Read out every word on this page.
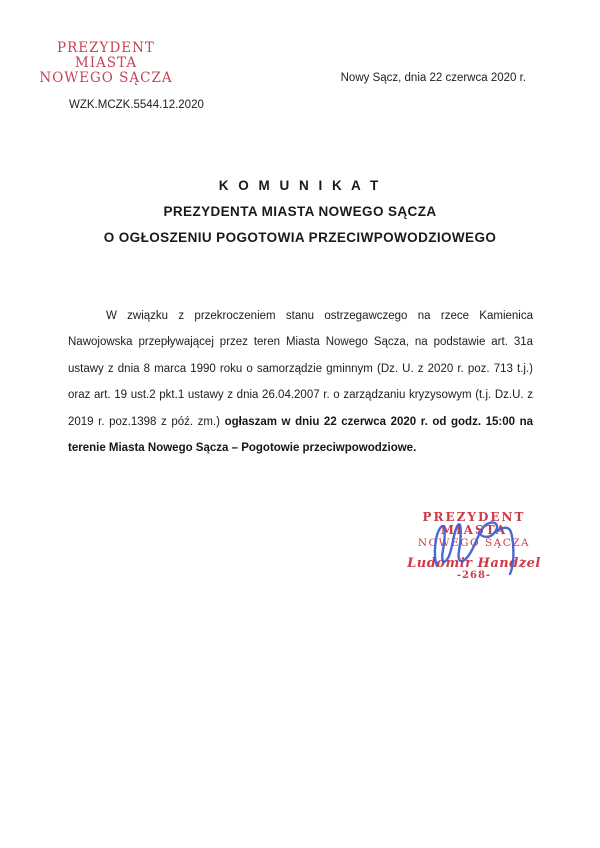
PREZYDENT MIASTA
NOWEGO SĄCZA	Nowy Sącz, dnia 22 czerwca 2020 r.
WZK.MCZK.5544.12.2020
K O M U N I K A T
PREZYDENTA MIASTA NOWEGO SĄCZA
O OGŁOSZENIU POGOTOWIA PRZECIWPOWODZIOWEGO

W związku z przekroczeniem stanu ostrzegawczego na rzece Kamienica Nawojowska przepływającej przez teren Miasta Nowego Sącza, na podstawie art. 31a ustawy z dnia 8 marca 1990 roku o samorządzie gminnym (Dz. U. z 2020 r. poz. 713 t.j.) oraz art. 19 ust.2 pkt.1 ustawy z dnia 26.04.2007 r. o zarządzaniu kryzysowym (t.j. Dz.U. z 2019 r. poz.1398 z póź. zm.) ogłaszam w dniu 22 czerwca 2020 r. od godz. 15:00 na terenie Miasta Nowego Sącza – Pogotowie przeciwpowodziowe.

PREZYDENT MIASTA
NOWEGO SĄCZA
Ludomir Handzel
-268-
